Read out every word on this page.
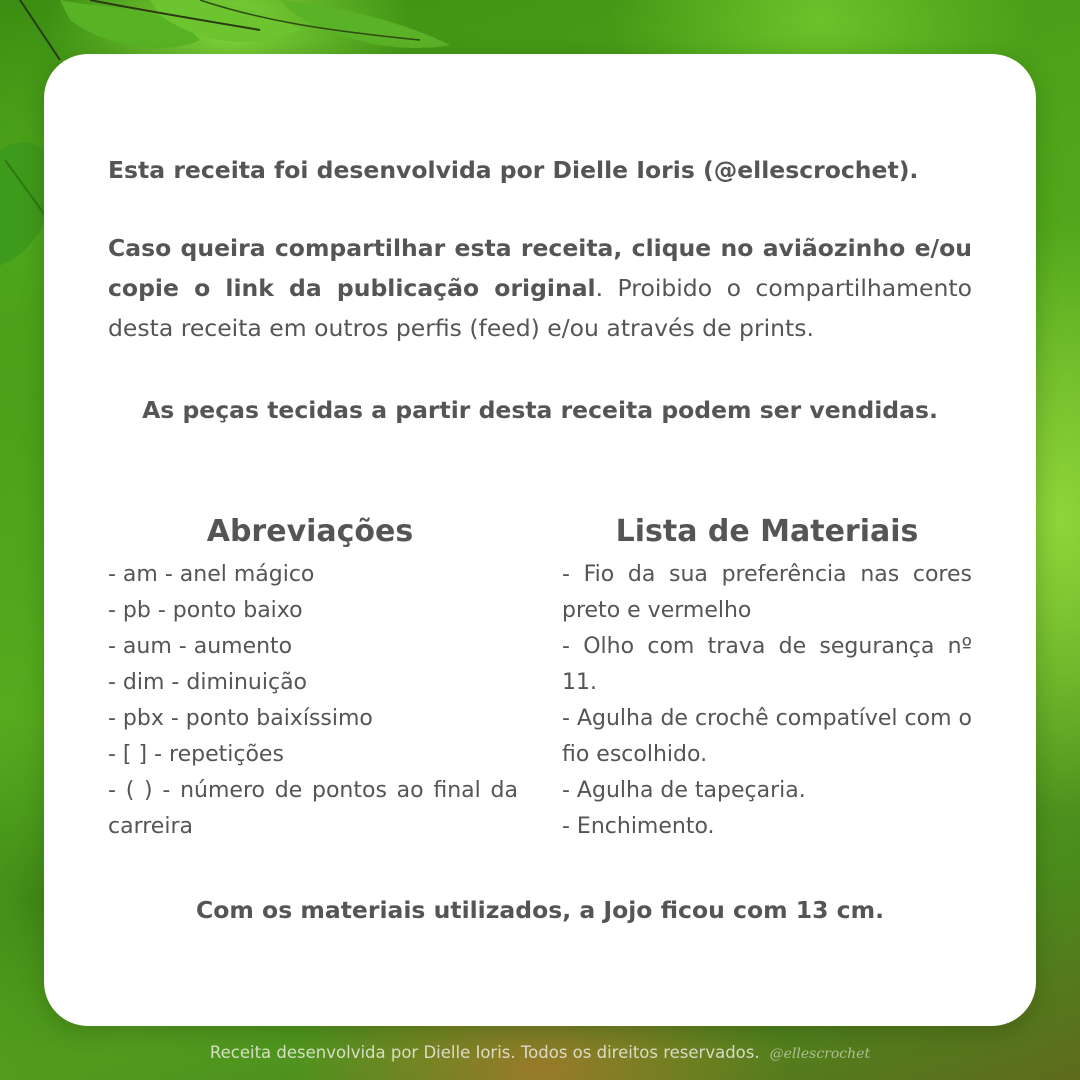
Esta receita foi desenvolvida por Dielle Ioris (@ellescrochet).

Caso queira compartilhar esta receita, clique no aviãozinho e/ou copie o link da publicação original. Proibido o compartilhamento desta receita em outros perfis (feed) e/ou através de prints.

As peças tecidas a partir desta receita podem ser vendidas.

Abreviações
- am - anel mágico
- pb - ponto baixo
- aum - aumento
- dim - diminuição
- pbx - ponto baixíssimo
- [ ] - repetições
- ( ) - número de pontos ao final da carreira
Lista de Materiais
- Fio da sua preferência nas cores preto e vermelho
- Olho com trava de segurança nº 11.
- Agulha de crochê compatível com o fio escolhido.
- Agulha de tapeçaria.
- Enchimento.

Com os materiais utilizados, a Jojo ficou com 13 cm.

Receita desenvolvida por Dielle Ioris. Todos os direitos reservados. @ellescrochet
